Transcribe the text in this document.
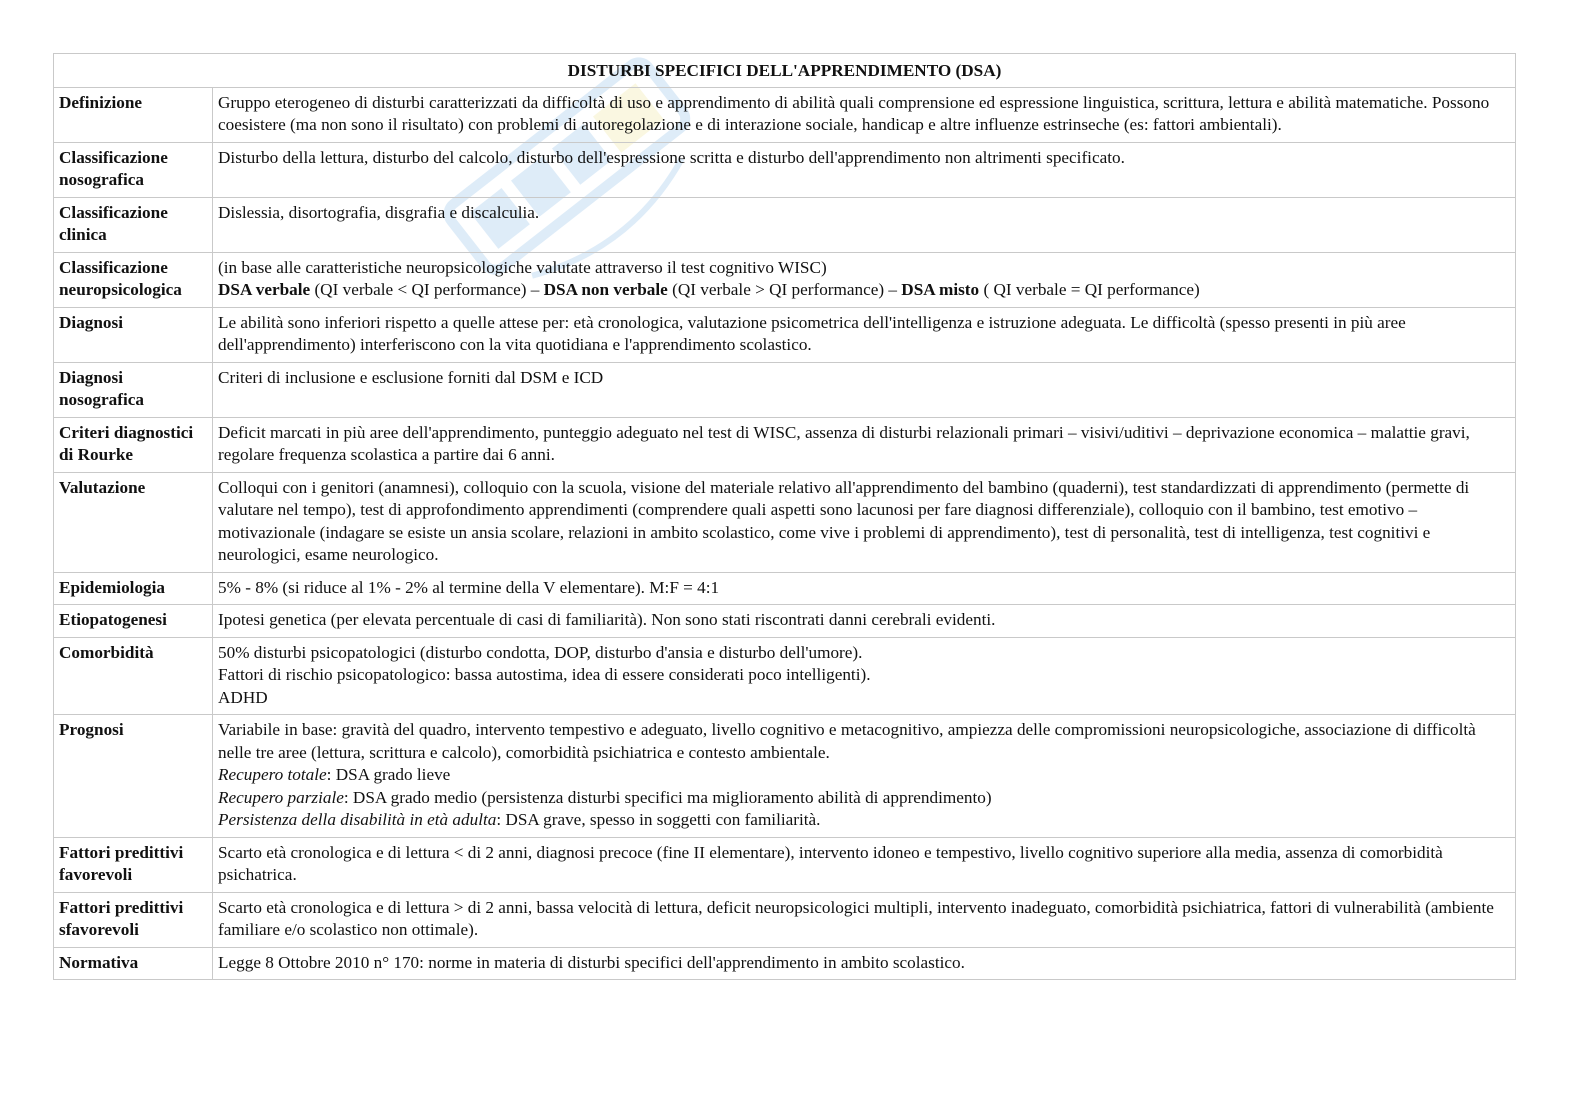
DISTURBI SPECIFICI DELL'APPRENDIMENTO (DSA)	
Definizione	Gruppo eterogeneo di disturbi caratterizzati da difficoltà di uso e apprendimento di abilità quali comprensione ed espressione linguistica, scrittura, lettura e abilità matematiche. Possono coesistere (ma non sono il risultato) con problemi di autoregolazione e di interazione sociale, handicap e altre influenze estrinseche (es: fattori ambientali).
Classificazione nosografica	Disturbo della lettura, disturbo del calcolo, disturbo dell'espressione scritta e disturbo dell'apprendimento non altrimenti specificato.
Classificazione clinica	Dislessia, disortografia, disgrafia e discalculia.
Classificazione neuropsicologica	(in base alle caratteristiche neuropsicologiche valutate attraverso il test cognitivo WISC)
DSA verbale (QI verbale < QI performance) – DSA non verbale (QI verbale > QI performance) – DSA misto ( QI verbale = QI performance)

Diagnosi	Le abilità sono inferiori rispetto a quelle attese per: età cronologica, valutazione psicometrica dell'intelligenza e istruzione adeguata. Le difficoltà (spesso presenti in più aree dell'apprendimento) interferiscono con la vita quotidiana e l'apprendimento scolastico.
Diagnosi nosografica	Criteri di inclusione e esclusione forniti dal DSM e ICD
Criteri diagnostici di Rourke	Deficit marcati in più aree dell'apprendimento, punteggio adeguato nel test di WISC, assenza di disturbi relazionali primari – visivi/uditivi – deprivazione economica – malattie gravi, regolare frequenza scolastica a partire dai 6 anni.
Valutazione	Colloqui con i genitori (anamnesi), colloquio con la scuola, visione del materiale relativo all'apprendimento del bambino (quaderni), test standardizzati di apprendimento (permette di valutare nel tempo), test di approfondimento apprendimenti (comprendere quali aspetti sono lacunosi per fare diagnosi differenziale), colloquio con il bambino, test emotivo – motivazionale (indagare se esiste un ansia scolare, relazioni in ambito scolastico, come vive i problemi di apprendimento), test di personalità, test di intelligenza, test cognitivi e neurologici, esame neurologico.
Epidemiologia	5% - 8% (si riduce al 1% - 2% al termine della V elementare). M:F = 4:1
Etiopatogenesi	Ipotesi genetica (per elevata percentuale di casi di familiarità). Non sono stati riscontrati danni cerebrali evidenti.
Comorbidità	50% disturbi psicopatologici (disturbo condotta, DOP, disturbo d'ansia e disturbo dell'umore).
Fattori di rischio psicopatologico: bassa autostima, idea di essere considerati poco intelligenti).
ADHD

Prognosi	Variabile in base: gravità del quadro, intervento tempestivo e adeguato, livello cognitivo e metacognitivo, ampiezza delle compromissioni neuropsicologiche, associazione di difficoltà nelle tre aree (lettura, scrittura e calcolo), comorbidità psichiatrica e contesto ambientale.
Recupero totale: DSA grado lieve
Recupero parziale: DSA grado medio (persistenza disturbi specifici ma miglioramento abilità di apprendimento)
Persistenza della disabilità in età adulta: DSA grave, spesso in soggetti con familiarità.

Fattori predittivi favorevoli	Scarto età cronologica e di lettura < di 2 anni, diagnosi precoce (fine II elementare), intervento idoneo e tempestivo, livello cognitivo superiore alla media, assenza di comorbidità psichatrica.
Fattori predittivi sfavorevoli	Scarto età cronologica e di lettura > di 2 anni, bassa velocità di lettura, deficit neuropsicologici multipli, intervento inadeguato, comorbidità psichiatrica, fattori di vulnerabilità (ambiente familiare e/o scolastico non ottimale).
Normativa	Legge 8 Ottobre 2010 n° 170: norme in materia di disturbi specifici dell'apprendimento in ambito scolastico.
